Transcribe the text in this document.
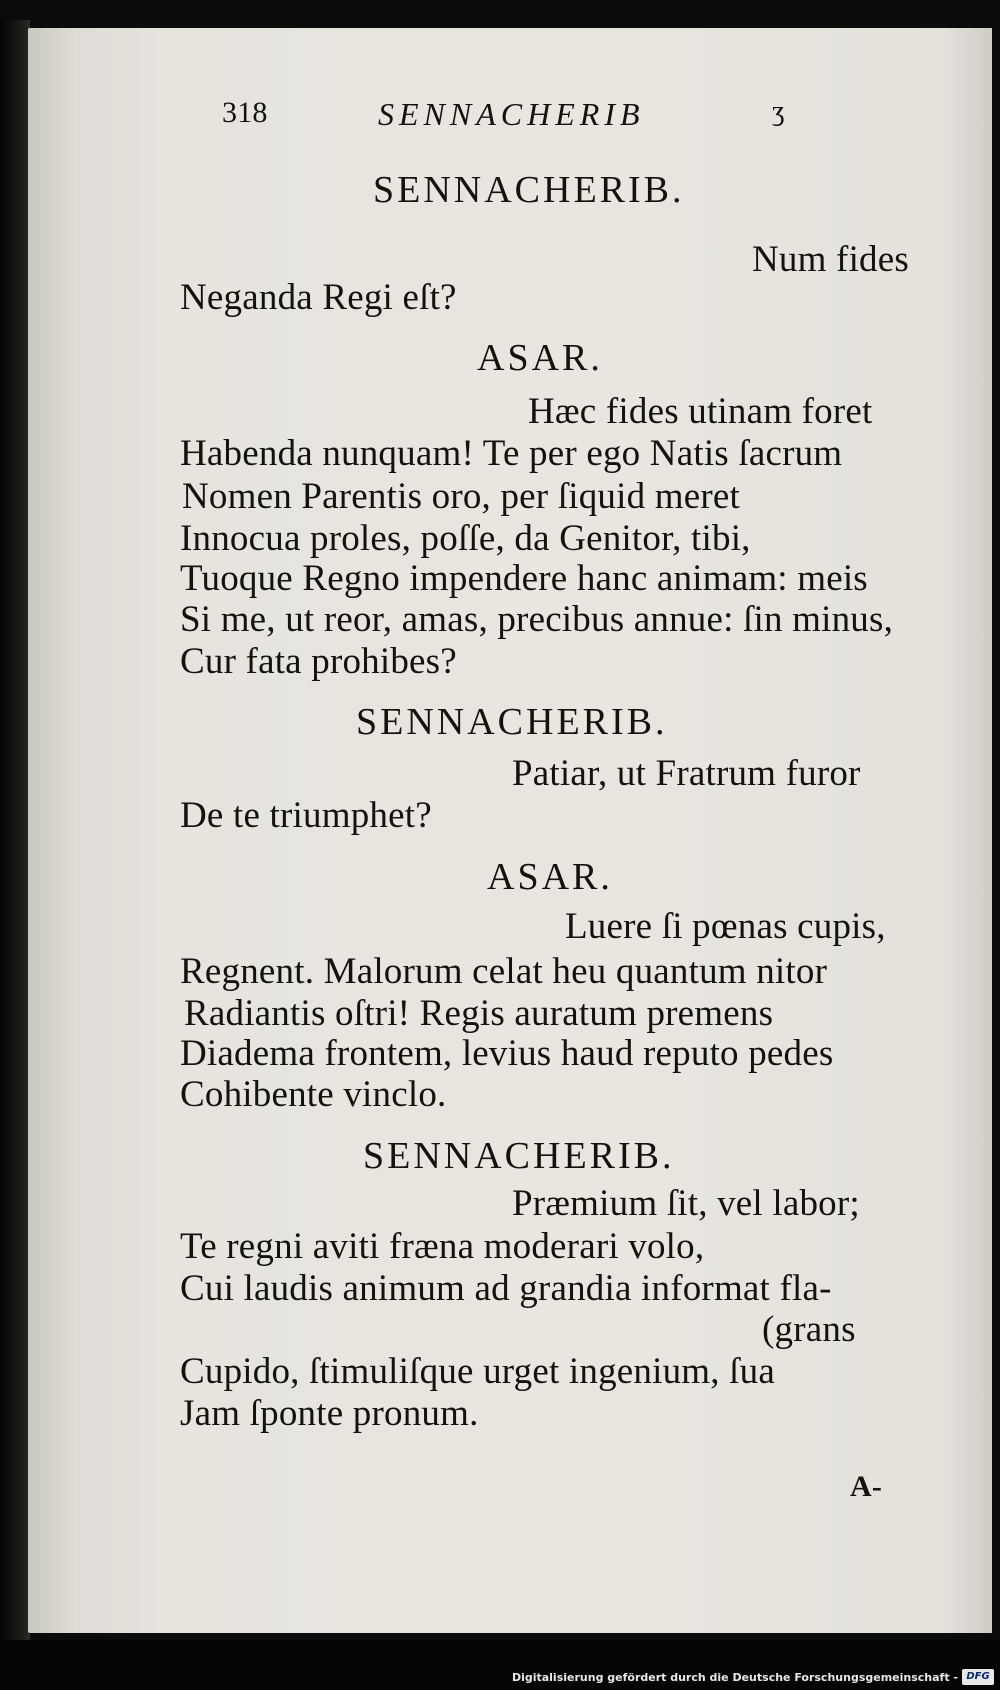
318	SENNACHERIB	ʒ
SENNACHERIB.
Num fides
Neganda Regi eſt?
ASAR.
Hæc fides utinam foret
Habenda nunquam! Te per ego Natis ſacrum
Nomen Parentis oro, per ſiquid meret
Innocua proles, poſſe, da Genitor, tibi,
Tuoque Regno impendere hanc animam: meis
Si me, ut reor, amas, precibus annue: ſin minus,
Cur fata prohibes?
SENNACHERIB.
Patiar, ut Fratrum furor
De te triumphet?
ASAR.
Luere ſi pœnas cupis,
Regnent. Malorum celat heu quantum nitor
Radiantis oſtri! Regis auratum premens
Diadema frontem, levius haud reputo pedes
Cohibente vinclo.
SENNACHERIB.
Præmium ſit, vel labor;
Te regni aviti fræna moderari volo,
Cui laudis animum ad grandia informat fla-
(grans
Cupido, ſtimuliſque urget ingenium, ſua
Jam ſponte pronum.
A-
Digitalisierung gefördert durch die Deutsche Forschungsgemeinschaft - DFG
